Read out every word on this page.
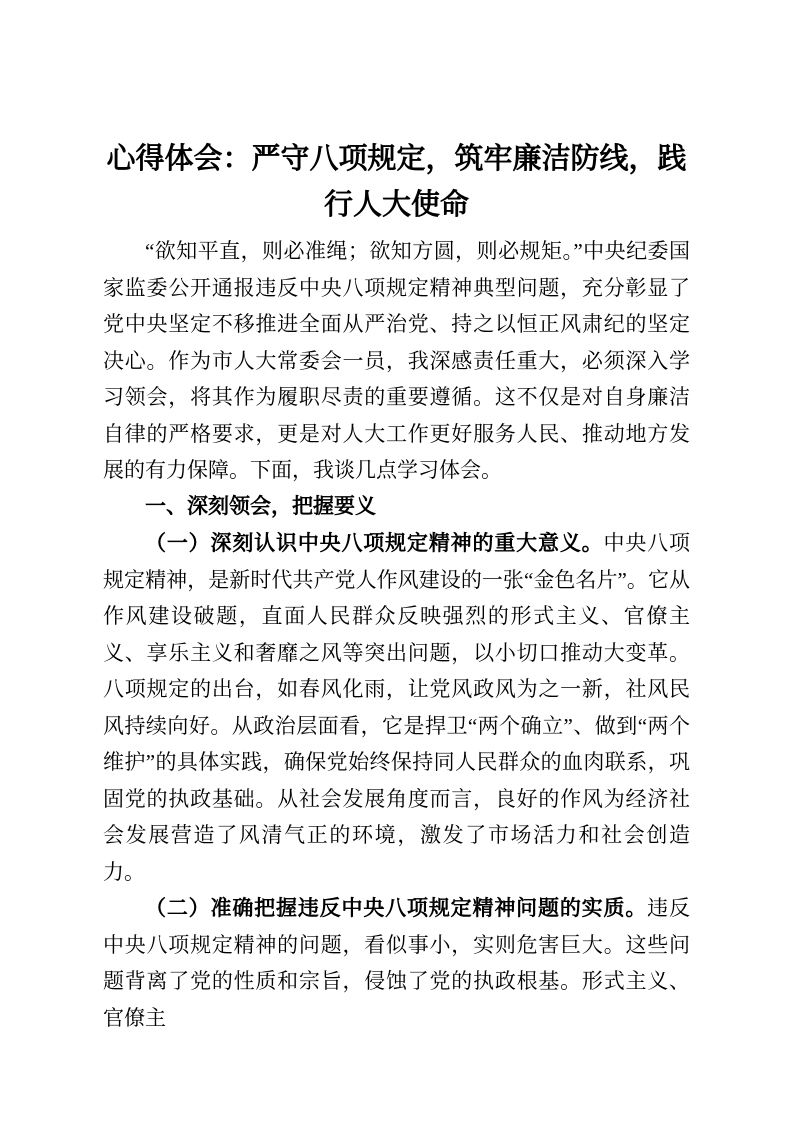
心得体会：严守八项规定，筑牢廉洁防线，践行人大使命

“欲知平直，则必准绳；欲知方圆，则必规矩。”中央纪委国家监委公开通报违反中央八项规定精神典型问题，充分彰显了党中央坚定不移推进全面从严治党、持之以恒正风肃纪的坚定决心。作为市人大常委会一员，我深感责任重大，必须深入学习领会，将其作为履职尽责的重要遵循。这不仅是对自身廉洁自律的严格要求，更是对人大工作更好服务人民、推动地方发展的有力保障。下面，我谈几点学习体会。

一、深刻领会，把握要义

（一）深刻认识中央八项规定精神的重大意义。中央八项规定精神，是新时代共产党人作风建设的一张“金色名片”。它从作风建设破题，直面人民群众反映强烈的形式主义、官僚主义、享乐主义和奢靡之风等突出问题，以小切口推动大变革。八项规定的出台，如春风化雨，让党风政风为之一新，社风民风持续向好。从政治层面看，它是捍卫“两个确立”、做到“两个维护”的具体实践，确保党始终保持同人民群众的血肉联系，巩固党的执政基础。从社会发展角度而言，良好的作风为经济社会发展营造了风清气正的环境，激发了市场活力和社会创造力。

（二）准确把握违反中央八项规定精神问题的实质。违反中央八项规定精神的问题，看似事小，实则危害巨大。这些问题背离了党的性质和宗旨，侵蚀了党的执政根基。形式主义、官僚主
